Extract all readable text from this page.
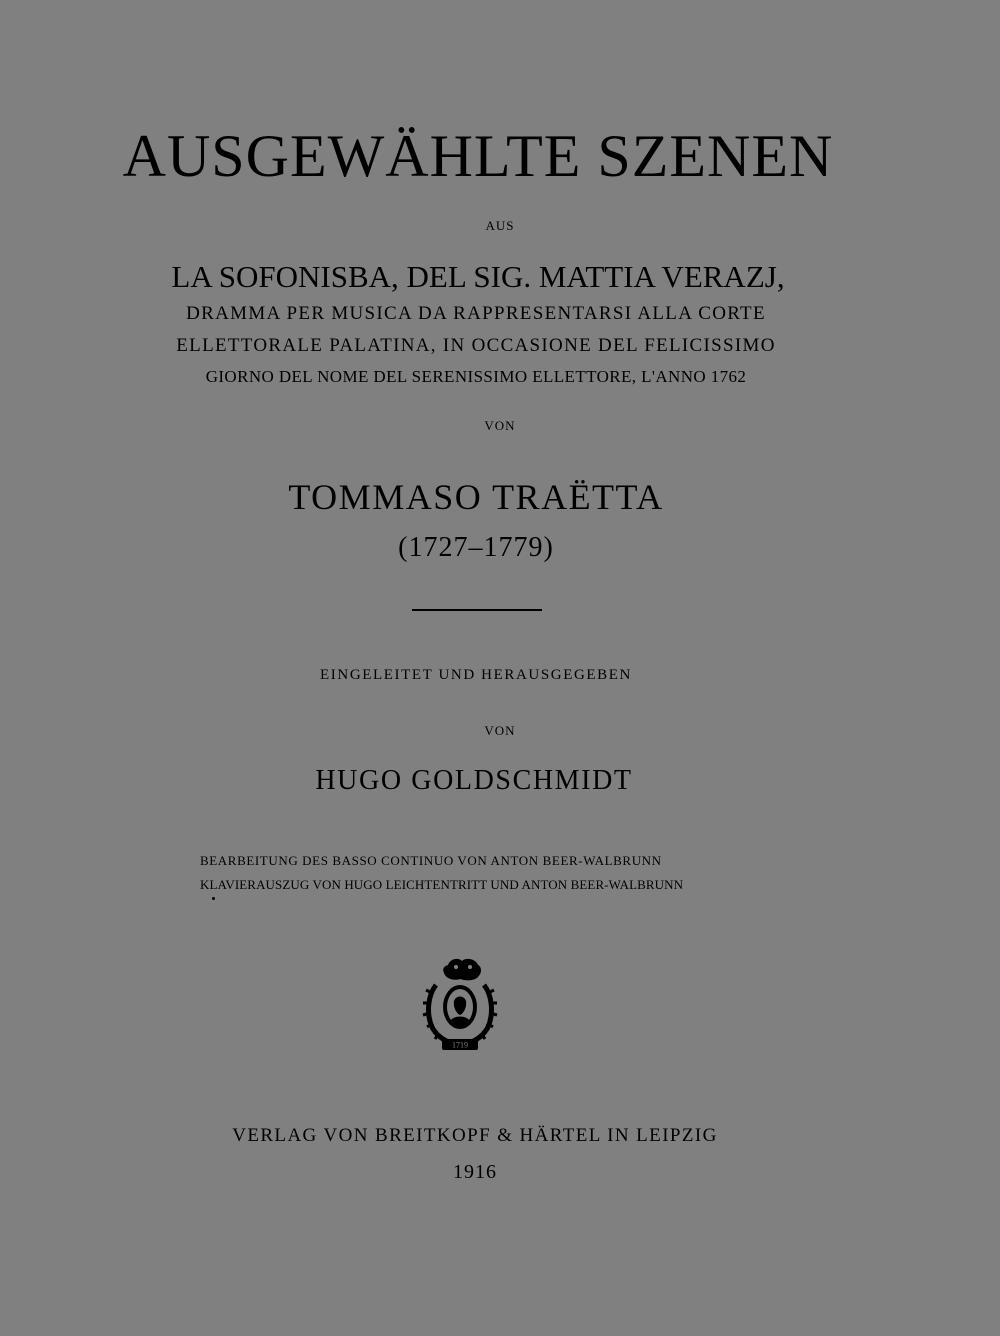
AUSGEWÄHLTE SZENEN
AUS
LA SOFONISBA, DEL SIG. MATTIA VERAZJ,
DRAMMA PER MUSICA DA RAPPRESENTARSI ALLA CORTE
ELLETTORALE PALATINA, IN OCCASIONE DEL FELICISSIMO
GIORNO DEL NOME DEL SERENISSIMO ELLETTORE, L'ANNO 1762
VON
TOMMASO TRAËTTA
(1727–1779)
EINGELEITET UND HERAUSGEGEBEN
VON
HUGO GOLDSCHMIDT
BEARBEITUNG DES BASSO CONTINUO VON ANTON BEER-WALBRUNN
KLAVIERAUSZUG VON HUGO LEICHTENTRITT UND ANTON BEER-WALBRUNN
1719
VERLAG VON BREITKOPF & HÄRTEL IN LEIPZIG
1916
